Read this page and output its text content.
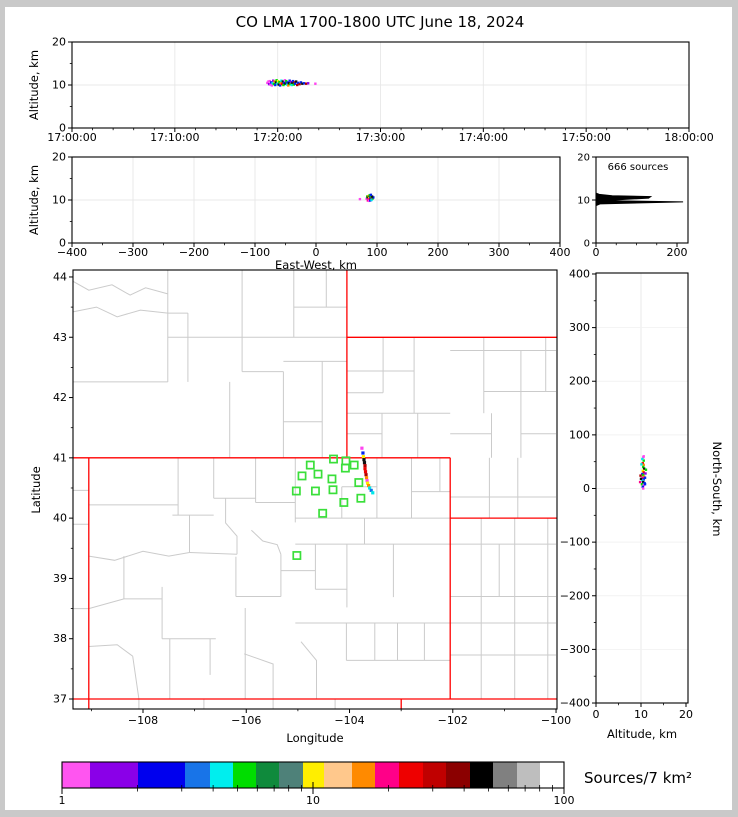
CO LMA 1700-1800 UTC June 18, 2024
17:00:00	17:10:00	17:20:00	17:30:00	17:40:00	17:50:00	18:00:00
0
10
20
−400	−300	−200	−100	0	100	200	300	400
0
10
20
0	200
0
10
20
−108	−106	−104	−102	−100
37
38
39
40
41
42
43
44
0	10	20
400
300
200
100
0
−100
−200
−300
−400
1	10	100
Altitude, km
Altitude, km
East-West, km
666 sources
Longitude
Latitude
Altitude, km
North-South, km
Sources/7 km²
